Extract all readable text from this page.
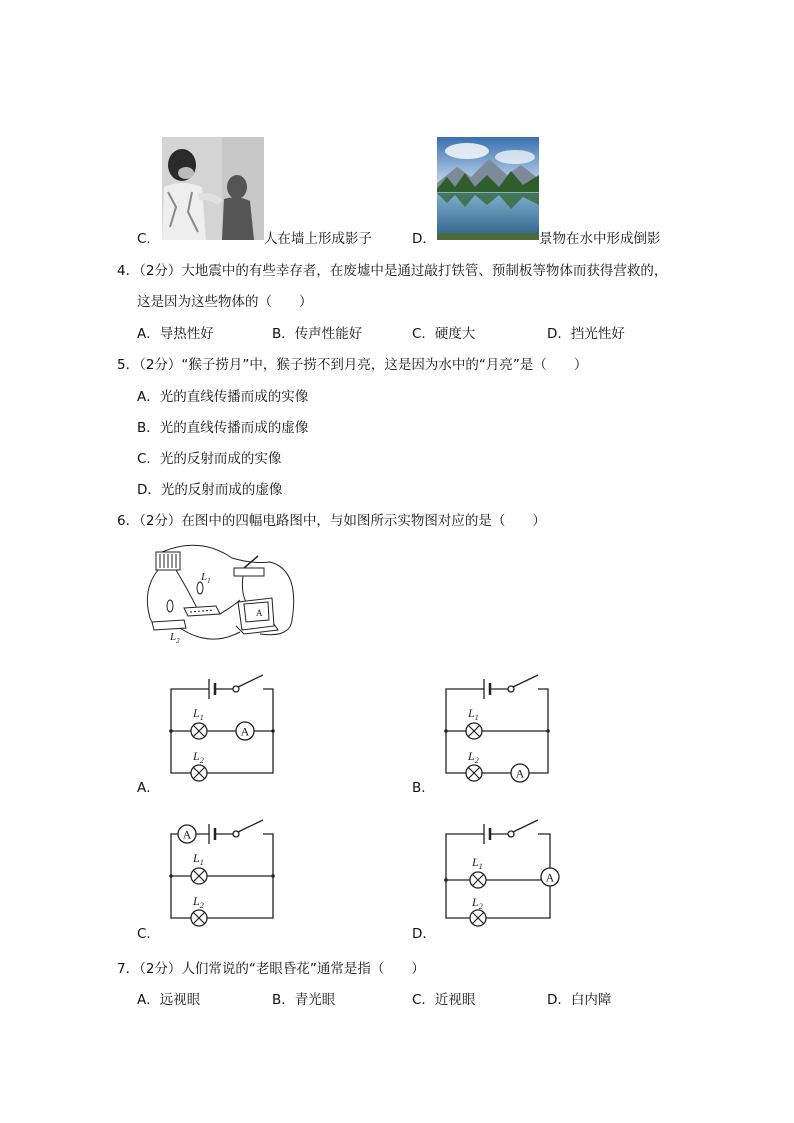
C．	人在墙上形成影子	D．	景物在水中形成倒影
4．（2分）大地震中的有些幸存者，在废墟中是通过敲打铁管、预制板等物体而获得营救的，
这是因为这些物体的（　　）
A．导热性好	B．传声性能好	C．硬度大	D．挡光性好
5．（2分）“猴子捞月”中，猴子捞不到月亮，这是因为水中的“月亮”是（　　）
A．光的直线传播而成的实像
B．光的直线传播而成的虚像
C．光的反射而成的实像
D．光的反射而成的虚像
6．（2分）在图中的四幅电路图中，与如图所示实物图对应的是（　　）
A
$L_1$
$L_2$
A．
A
$L_1$
$L_2$
B．
A
$L_1$
$L_2$
C．
A
$L_1$
$L_2$
D．
A
$L_1$
$L_2$
7．（2分）人们常说的“老眼昏花”通常是指（　　）
A．远视眼	B．青光眼	C．近视眼	D．白内障
